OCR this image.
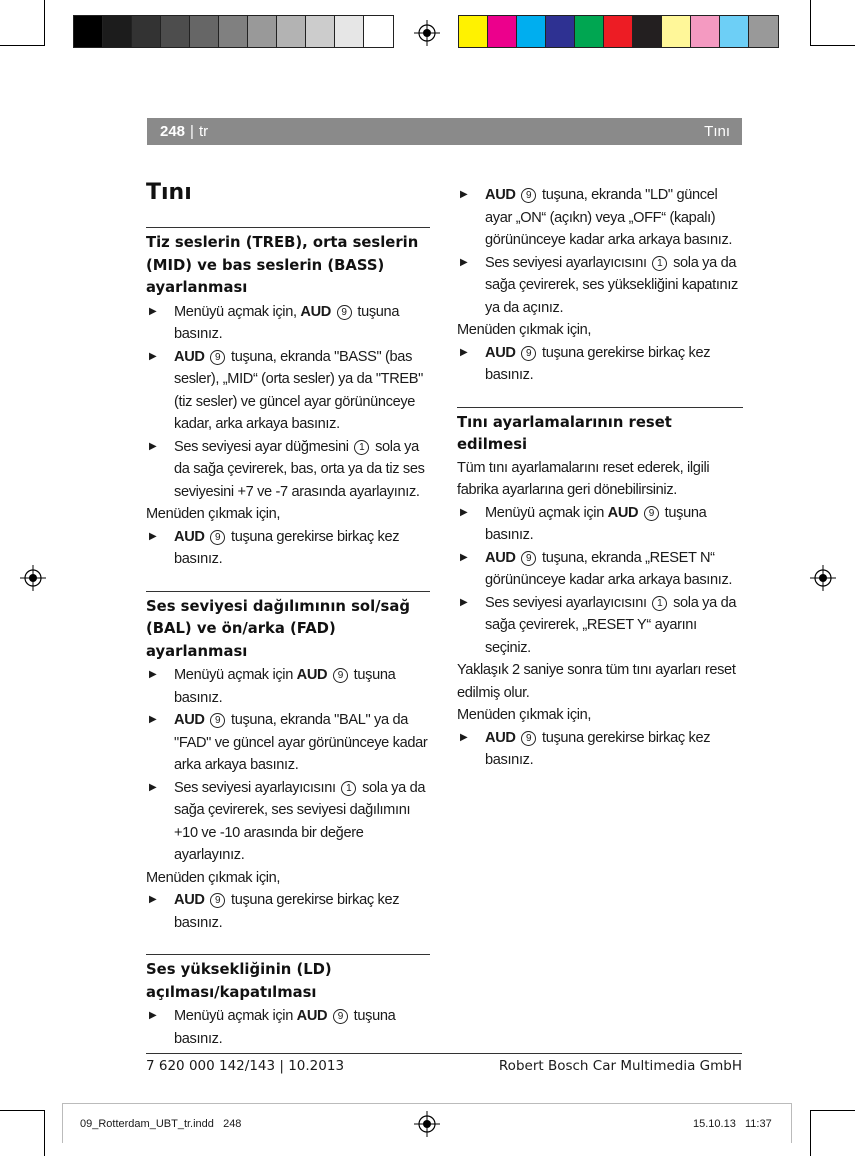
248 | tr	Tını
Tını
Tiz seslerin (TREB), orta seslerin (MID) ve bas seslerin (BASS) ayarlanması
▶ Menüyü açmak için, AUD 9 tuşuna basınız.
▶ AUD 9 tuşuna, ekranda "BASS" (bas sesler), „MID“ (orta sesler) ya da "TREB" (tiz sesler) ve güncel ayar görününceye kadar, arka arkaya basınız.
▶ Ses seviyesi ayar düğmesini 1 sola ya da sağa çevirerek, bas, orta ya da tiz ses seviyesini +7 ve -7 arasında ayarlayınız.
Menüden çıkmak için,
▶ AUD 9 tuşuna gerekirse birkaç kez basınız.
Ses seviyesi dağılımının sol/sağ (BAL) ve ön/arka (FAD) ayarlanması
▶ Menüyü açmak için AUD 9 tuşuna basınız.
▶ AUD 9 tuşuna, ekranda "BAL" ya da "FAD" ve güncel ayar görününceye kadar arka arkaya basınız.
▶ Ses seviyesi ayarlayıcısını 1 sola ya da sağa çevirerek, ses seviyesi dağılımını +10 ve -10 arasında bir değere ayarlayınız.
Menüden çıkmak için,
▶ AUD 9 tuşuna gerekirse birkaç kez basınız.
Ses yüksekliğinin (LD) açılması/kapatılması
▶ Menüyü açmak için AUD 9 tuşuna basınız.
▶ AUD 9 tuşuna, ekranda "LD" güncel ayar „ON“ (açıkn) veya „OFF“ (kapalı) görününceye kadar arka arkaya basınız.
▶ Ses seviyesi ayarlayıcısını 1 sola ya da sağa çevirerek, ses yüksekliğini kapatınız ya da açınız.
Menüden çıkmak için,
▶ AUD 9 tuşuna gerekirse birkaç kez basınız.
Tını ayarlamalarının reset edilmesi
Tüm tını ayarlamalarını reset ederek, ilgili fabrika ayarlarına geri dönebilirsiniz.
▶ Menüyü açmak için AUD 9 tuşuna basınız.
▶ AUD 9 tuşuna, ekranda „RESET N“ görününceye kadar arka arkaya basınız.
▶ Ses seviyesi ayarlayıcısını 1 sola ya da sağa çevirerek, „RESET Y“ ayarını seçiniz.
Yaklaşık 2 saniye sonra tüm tını ayarları reset edilmiş olur.
Menüden çıkmak için,
▶ AUD 9 tuşuna gerekirse birkaç kez basınız.
7 620 000 142/143 | 10.2013	Robert Bosch Car Multimedia GmbH
09_Rotterdam_UBT_tr.indd   248	15.10.13   11:37
